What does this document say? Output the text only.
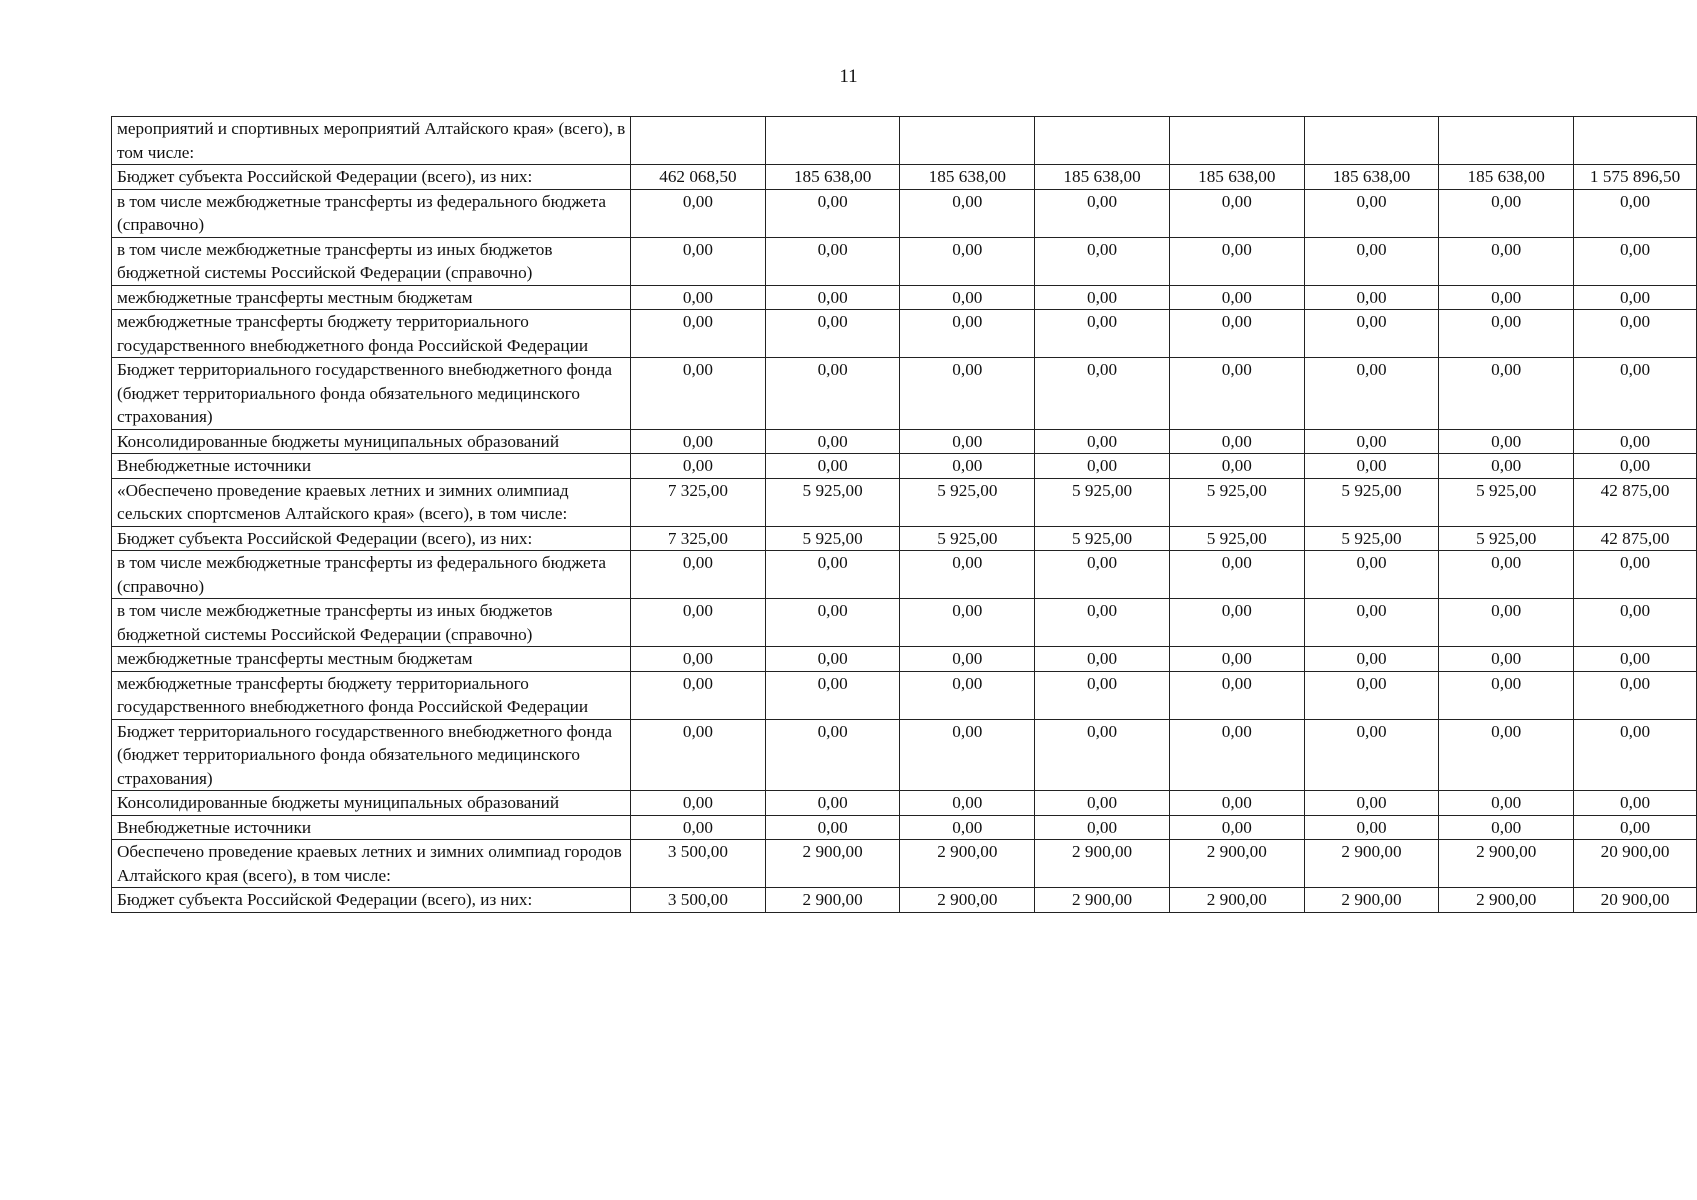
11
мероприятий и спортивных мероприятий Алтайского края» (всего), в том числе:								
Бюджет субъекта Российской Федерации (всего), из них:	462 068,50	185 638,00	185 638,00	185 638,00	185 638,00	185 638,00	185 638,00	1 575 896,50
в том числе межбюджетные трансферты из федерального бюджета (справочно)	0,00	0,00	0,00	0,00	0,00	0,00	0,00	0,00
в том числе межбюджетные трансферты из иных бюджетов бюджетной системы Российской Федерации (справочно)	0,00	0,00	0,00	0,00	0,00	0,00	0,00	0,00
межбюджетные трансферты местным бюджетам	0,00	0,00	0,00	0,00	0,00	0,00	0,00	0,00
межбюджетные трансферты бюджету территориального государственного внебюджетного фонда Российской Федерации	0,00	0,00	0,00	0,00	0,00	0,00	0,00	0,00
Бюджет территориального государственного внебюджетного фонда (бюджет территориального фонда обязательного медицинского страхования)	0,00	0,00	0,00	0,00	0,00	0,00	0,00	0,00
Консолидированные бюджеты муниципальных образований	0,00	0,00	0,00	0,00	0,00	0,00	0,00	0,00
Внебюджетные источники	0,00	0,00	0,00	0,00	0,00	0,00	0,00	0,00
«Обеспечено проведение краевых летних и зимних олимпиад сельских спортсменов Алтайского края» (всего), в том числе:	7 325,00	5 925,00	5 925,00	5 925,00	5 925,00	5 925,00	5 925,00	42 875,00
Бюджет субъекта Российской Федерации (всего), из них:	7 325,00	5 925,00	5 925,00	5 925,00	5 925,00	5 925,00	5 925,00	42 875,00
в том числе межбюджетные трансферты из федерального бюджета (справочно)	0,00	0,00	0,00	0,00	0,00	0,00	0,00	0,00
в том числе межбюджетные трансферты из иных бюджетов бюджетной системы Российской Федерации (справочно)	0,00	0,00	0,00	0,00	0,00	0,00	0,00	0,00
межбюджетные трансферты местным бюджетам	0,00	0,00	0,00	0,00	0,00	0,00	0,00	0,00
межбюджетные трансферты бюджету территориального государственного внебюджетного фонда Российской Федерации	0,00	0,00	0,00	0,00	0,00	0,00	0,00	0,00
Бюджет территориального государственного внебюджетного фонда (бюджет территориального фонда обязательного медицинского страхования)	0,00	0,00	0,00	0,00	0,00	0,00	0,00	0,00
Консолидированные бюджеты муниципальных образований	0,00	0,00	0,00	0,00	0,00	0,00	0,00	0,00
Внебюджетные источники	0,00	0,00	0,00	0,00	0,00	0,00	0,00	0,00
Обеспечено проведение краевых летних и зимних олимпиад городов Алтайского края (всего), в том числе:	3 500,00	2 900,00	2 900,00	2 900,00	2 900,00	2 900,00	2 900,00	20 900,00
Бюджет субъекта Российской Федерации (всего), из них:	3 500,00	2 900,00	2 900,00	2 900,00	2 900,00	2 900,00	2 900,00	20 900,00
